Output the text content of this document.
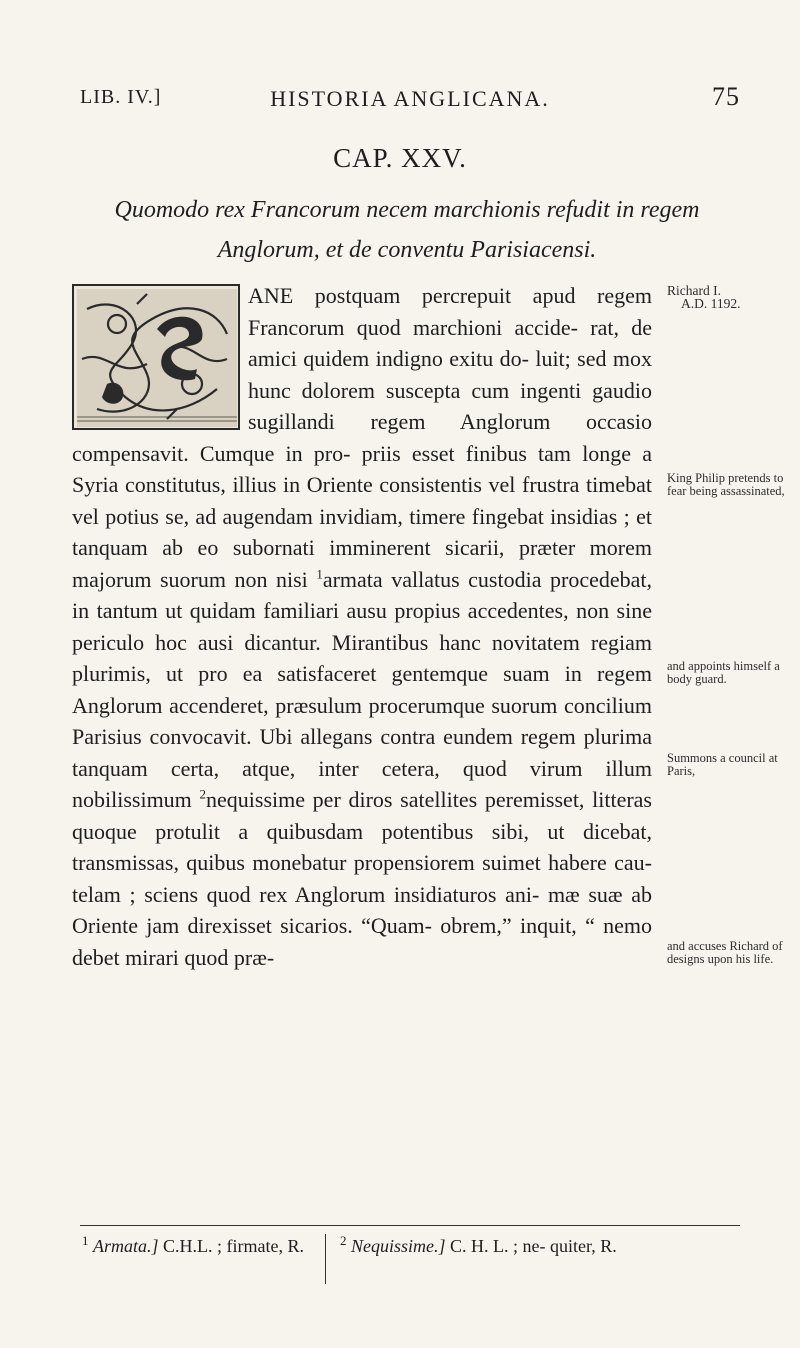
LIB. IV.]	HISTORIA ANGLICANA.	75
CAP. XXV.
Quomodo rex Francorum necem marchionis refudit in regem Anglorum, et de conventu Parisiacensi.

ANE postquam percrepuit apud regem Francorum quod marchioni accide- rat, de amici quidem indigno exitu do- luit; sed mox hunc dolorem suscepta cum ingenti gaudio sugillandi regem Anglorum occasio compensavit. Cumque in pro- priis esset finibus tam longe a Syria constitutus, illius in Oriente consistentis vel frustra timebat vel potius se, ad augendam invidiam, timere fingebat insidias ; et tanquam ab eo subornati imminerent sicarii, præter morem majorum suorum non nisi $^1$armata vallatus custodia procedebat, in tantum ut quidam familiari ausu propius accedentes, non sine periculo hoc ausi dicantur. Mirantibus hanc novitatem regiam plurimis, ut pro ea satisfaceret gentemque suam in regem Anglorum accenderet, præsulum procerumque suorum concilium Parisius convocavit. Ubi allegans contra eundem regem plurima tanquam certa, atque, inter cetera, quod virum illum nobilissimum $^2$nequissime per diros satellites peremisset, litteras quoque protulit a quibusdam potentibus sibi, ut dicebat, transmissas, quibus monebatur propensiorem suimet habere cau- telam ; sciens quod rex Anglorum insidiaturos ani- mæ suæ ab Oriente jam direxisset sicarios. “Quam- obrem,” inquit, “ nemo debet mirari quod præ-

Richard I.
A.D. 1192.
King Philip pretends to fear being assassinated,
and appoints himself a body guard.
Summons a council at Paris,
and accuses Richard of designs upon his life.
$^1$ Armata.] C.H.L. ; firmate, R.	$^2$ Nequissime.] C. H. L. ; ne- quiter, R.
